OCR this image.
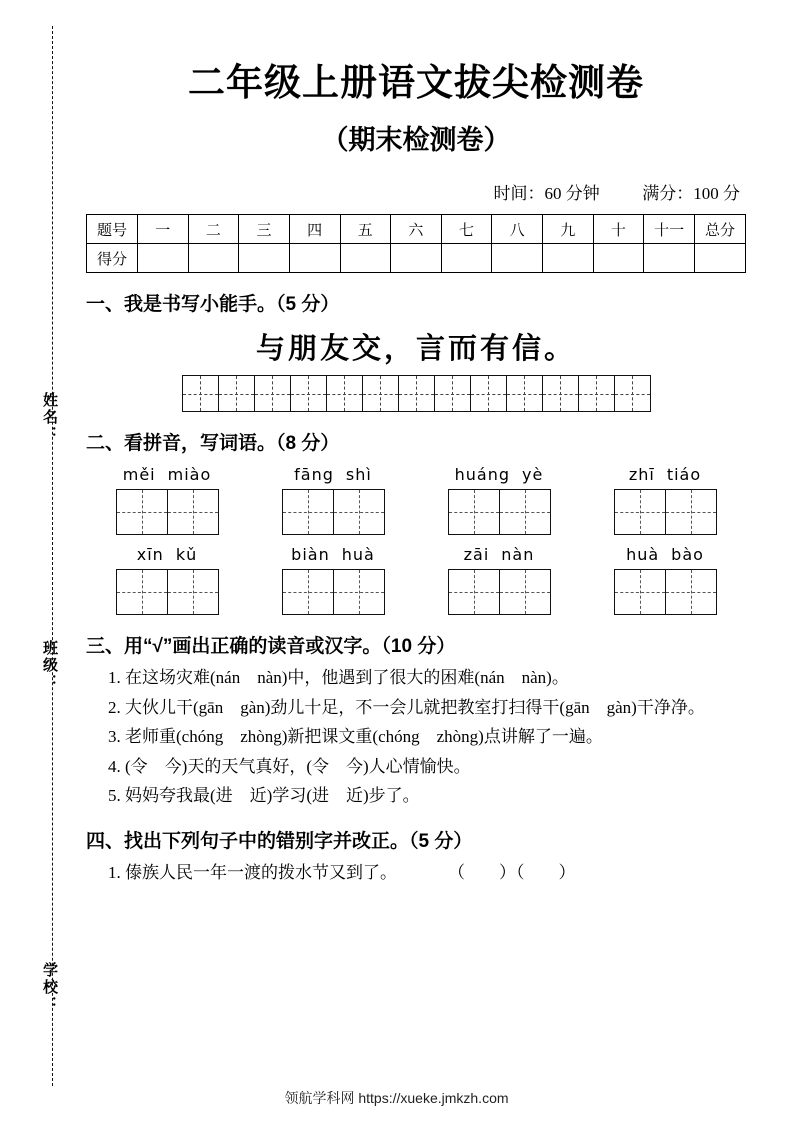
姓名：
班级：
学校：
二年级上册语文拔尖检测卷
（期末检测卷）
时间：60 分钟	满分：100 分
题号	一	二	三	四	五	六	七	八	九	十	十一	总分
得分												
一、我是书写小能手。（5 分）
与朋友交，言而有信。
二、看拼音，写词语。（8 分）
měi miào	fāng shì	huáng yè	zhī tiáo
xīn kǔ	biàn huà	zāi nàn	huà bào
三、用“√”画出正确的读音或汉字。（10 分）
1. 在这场灾难(nán　nàn)中，他遇到了很大的困难(nán　nàn)。
2. 大伙儿干(gān　gàn)劲儿十足，不一会儿就把教室打扫得干(gān　gàn)干净净。
3. 老师重(chóng　zhòng)新把课文重(chóng　zhòng)点讲解了一遍。
4. (令　今)天的天气真好，(令　今)人心情愉快。
5. 妈妈夸我最(进　近)学习(进　近)步了。
四、找出下列句子中的错别字并改正。（5 分）
1. 傣族人民一年一渡的拨水节又到了。　　　　（　　）（　　）
领航学科网 https://xueke.jmkzh.com
